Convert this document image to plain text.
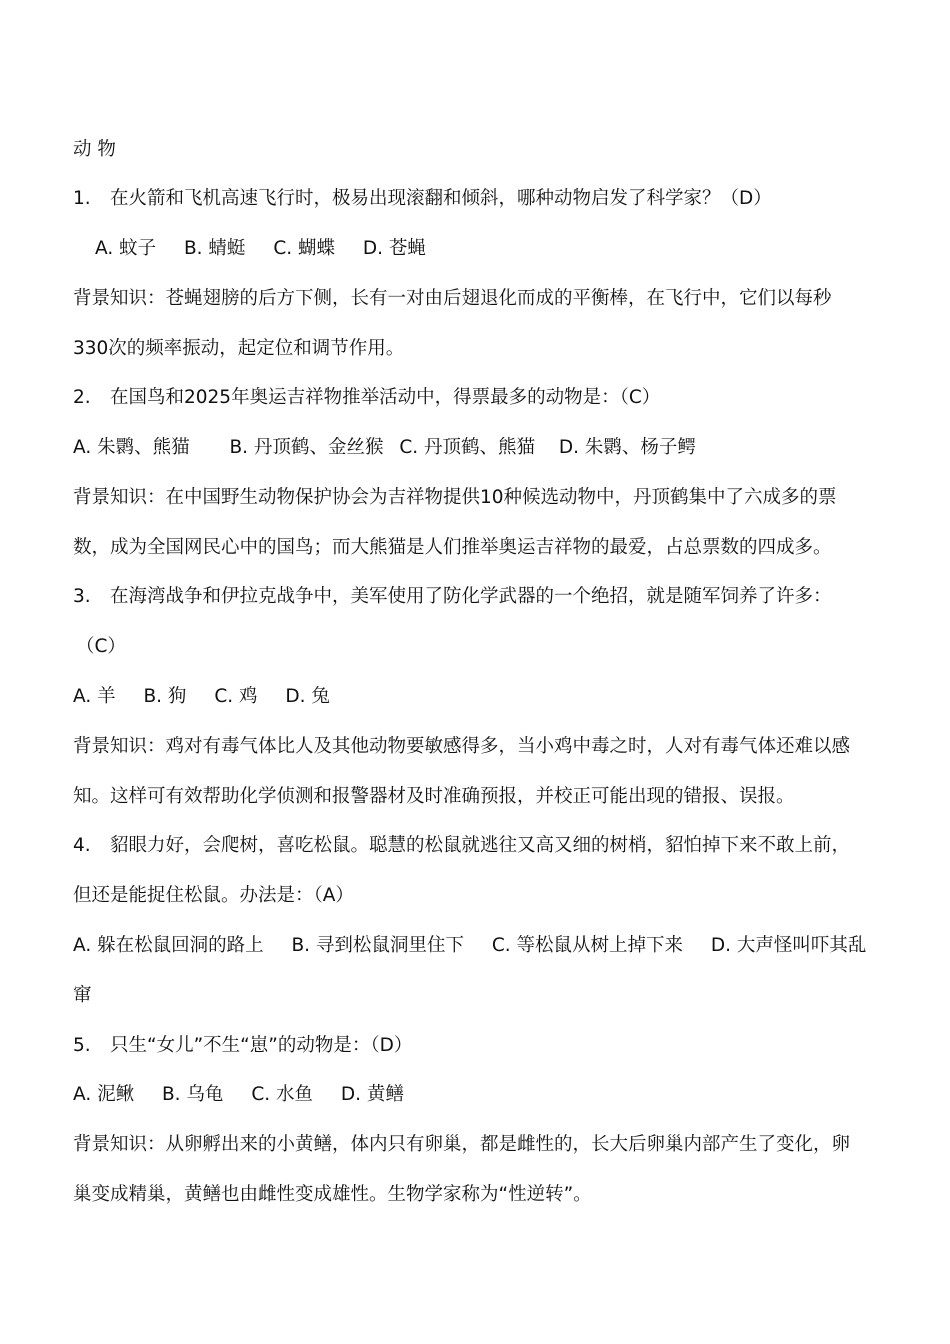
动 物
1. 在火箭和飞机高速飞行时，极易出现滚翻和倾斜，哪种动物启发了科学家？（D）
A. 蚊子 B. 蜻蜓 C. 蝴蝶 D. 苍蝇
背景知识：苍蝇翅膀的后方下侧，长有一对由后翅退化而成的平衡棒，在飞行中，它们以每秒
330次的频率振动，起定位和调节作用。
2. 在国鸟和2025年奥运吉祥物推举活动中，得票最多的动物是：（C）
A. 朱鹮、熊猫 B. 丹顶鹤、金丝猴 C. 丹顶鹤、熊猫 D. 朱鹮、杨子鳄
背景知识：在中国野生动物保护协会为吉祥物提供10种候选动物中，丹顶鹤集中了六成多的票
数，成为全国网民心中的国鸟；而大熊猫是人们推举奥运吉祥物的最爱，占总票数的四成多。
3. 在海湾战争和伊拉克战争中，美军使用了防化学武器的一个绝招，就是随军饲养了许多：
（C）
A. 羊 B. 狗 C. 鸡 D. 兔
背景知识：鸡对有毒气体比人及其他动物要敏感得多，当小鸡中毒之时，人对有毒气体还难以感
知。这样可有效帮助化学侦测和报警器材及时准确预报，并校正可能出现的错报、误报。
4. 貂眼力好，会爬树，喜吃松鼠。聪慧的松鼠就逃往又高又细的树梢，貂怕掉下来不敢上前，
但还是能捉住松鼠。办法是：（A）
A. 躲在松鼠回洞的路上 B. 寻到松鼠洞里住下 C. 等松鼠从树上掉下来 D. 大声怪叫吓其乱
窜
5. 只生“女儿”不生“崽”的动物是：（D）
A. 泥鳅 B. 乌龟 C. 水鱼 D. 黄鳝
背景知识：从卵孵出来的小黄鳝，体内只有卵巢，都是雌性的，长大后卵巢内部产生了变化，卵
巢变成精巢，黄鳝也由雌性变成雄性。生物学家称为“性逆转”。
